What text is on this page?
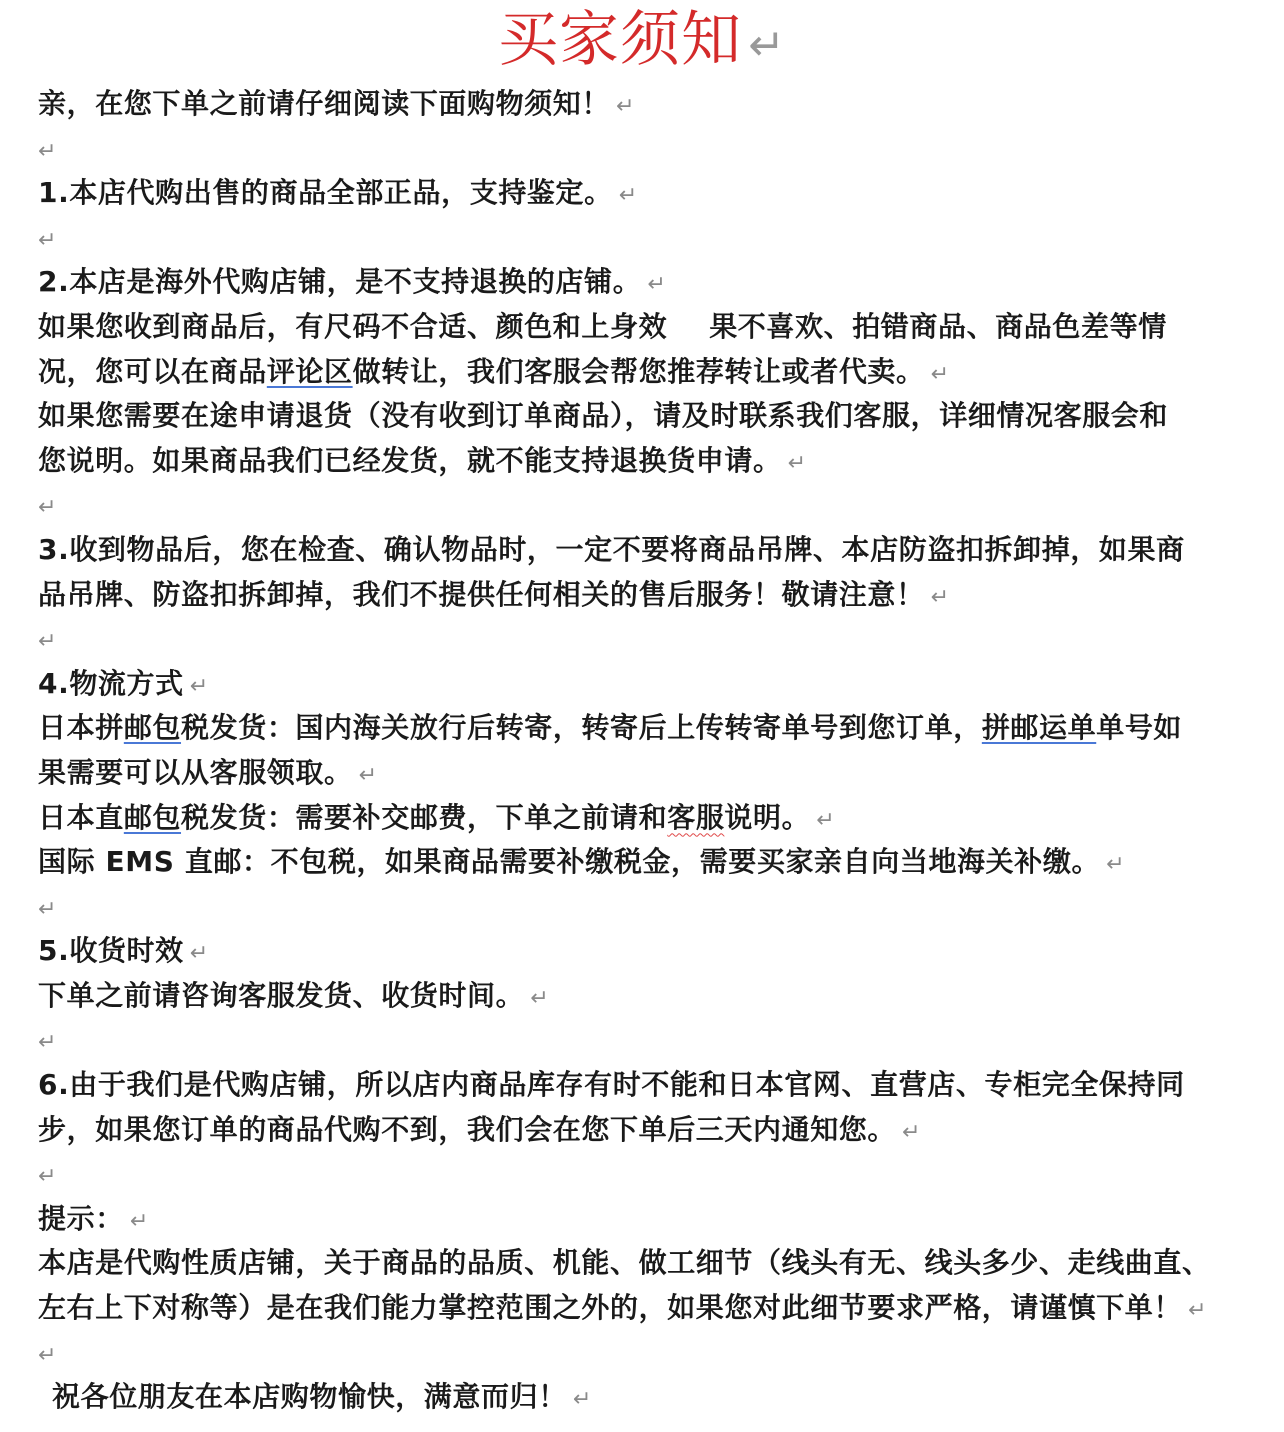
买家须知 ↵
亲，在您下单之前请仔细阅读下面购物须知！ ↵
↵
1.本店代购出售的商品全部正品，支持鉴定。 ↵
↵
2.本店是海外代购店铺，是不支持退换的店铺。 ↵
如果您收到商品后，有尺码不合适、颜色和上身效 果不喜欢、拍错商品、商品色差等情
况，您可以在商品评论区做转让，我们客服会帮您推荐转让或者代卖。 ↵
如果您需要在途申请退货（没有收到订单商品），请及时联系我们客服，详细情况客服会和
您说明。如果商品我们已经发货，就不能支持退换货申请。 ↵
↵
3.收到物品后，您在检查、确认物品时，一定不要将商品吊牌、本店防盗扣拆卸掉，如果商
品吊牌、防盗扣拆卸掉，我们不提供任何相关的售后服务！敬请注意！ ↵
↵
4.物流方式 ↵
日本拼邮包税发货：国内海关放行后转寄，转寄后上传转寄单号到您订单，拼邮运单单号如
果需要可以从客服领取。 ↵
日本直邮包税发货：需要补交邮费，下单之前请和客服说明。 ↵
国际 EMS 直邮：不包税，如果商品需要补缴税金，需要买家亲自向当地海关补缴。 ↵
↵
5.收货时效 ↵
下单之前请咨询客服发货、收货时间。 ↵
↵
6.由于我们是代购店铺，所以店内商品库存有时不能和日本官网、直营店、专柜完全保持同
步，如果您订单的商品代购不到，我们会在您下单后三天内通知您。 ↵
↵
提示： ↵
本店是代购性质店铺，关于商品的品质、机能、做工细节（线头有无、线头多少、走线曲直、
左右上下对称等）是在我们能力掌控范围之外的，如果您对此细节要求严格，请谨慎下单！ ↵
↵
祝各位朋友在本店购物愉快，满意而归！ ↵
